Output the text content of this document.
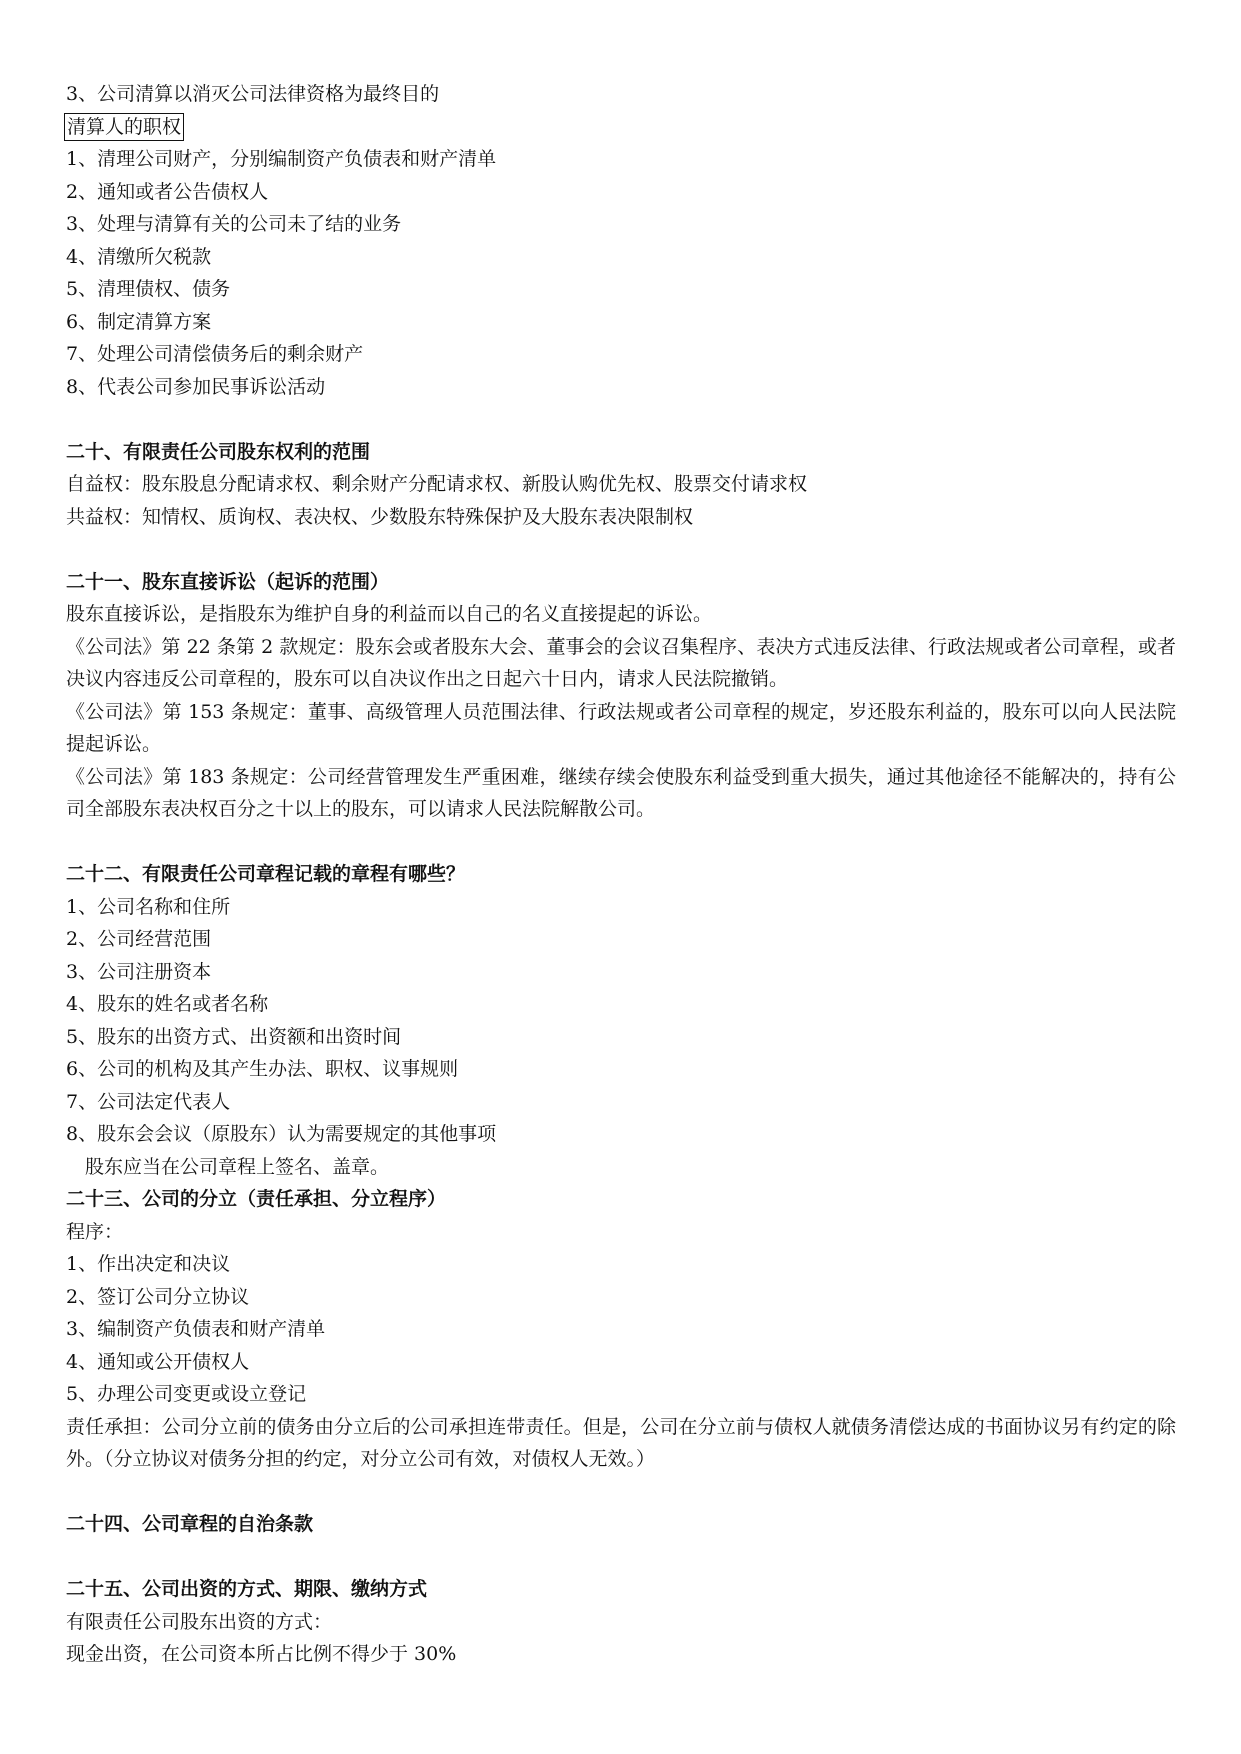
3、公司清算以消灭公司法律资格为最终目的

清算人的职权

1、清理公司财产，分别编制资产负债表和财产清单

2、通知或者公告债权人

3、处理与清算有关的公司未了结的业务

4、清缴所欠税款

5、清理债权、债务

6、制定清算方案

7、处理公司清偿债务后的剩余财产

8、代表公司参加民事诉讼活动

二十、有限责任公司股东权利的范围

自益权：股东股息分配请求权、剩余财产分配请求权、新股认购优先权、股票交付请求权

共益权：知情权、质询权、表决权、少数股东特殊保护及大股东表决限制权

二十一、股东直接诉讼（起诉的范围）

股东直接诉讼，是指股东为维护自身的利益而以自己的名义直接提起的诉讼。

《公司法》第 22 条第 2 款规定：股东会或者股东大会、董事会的会议召集程序、表决方式违反法律、行政法规或者公司章程，或者决议内容违反公司章程的，股东可以自决议作出之日起六十日内，请求人民法院撤销。

《公司法》第 153 条规定：董事、高级管理人员范围法律、行政法规或者公司章程的规定，岁还股东利益的，股东可以向人民法院提起诉讼。

《公司法》第 183 条规定：公司经营管理发生严重困难，继续存续会使股东利益受到重大损失，通过其他途径不能解决的，持有公司全部股东表决权百分之十以上的股东，可以请求人民法院解散公司。

二十二、有限责任公司章程记载的章程有哪些？

1、公司名称和住所

2、公司经营范围

3、公司注册资本

4、股东的姓名或者名称

5、股东的出资方式、出资额和出资时间

6、公司的机构及其产生办法、职权、议事规则

7、公司法定代表人

8、股东会会议（原股东）认为需要规定的其他事项

股东应当在公司章程上签名、盖章。

二十三、公司的分立（责任承担、分立程序）

程序：

1、作出决定和决议

2、签订公司分立协议

3、编制资产负债表和财产清单

4、通知或公开债权人

5、办理公司变更或设立登记

责任承担：公司分立前的债务由分立后的公司承担连带责任。但是，公司在分立前与债权人就债务清偿达成的书面协议另有约定的除外。（分立协议对债务分担的约定，对分立公司有效，对债权人无效。）

二十四、公司章程的自治条款

二十五、公司出资的方式、期限、缴纳方式

有限责任公司股东出资的方式：

现金出资，在公司资本所占比例不得少于 30%
